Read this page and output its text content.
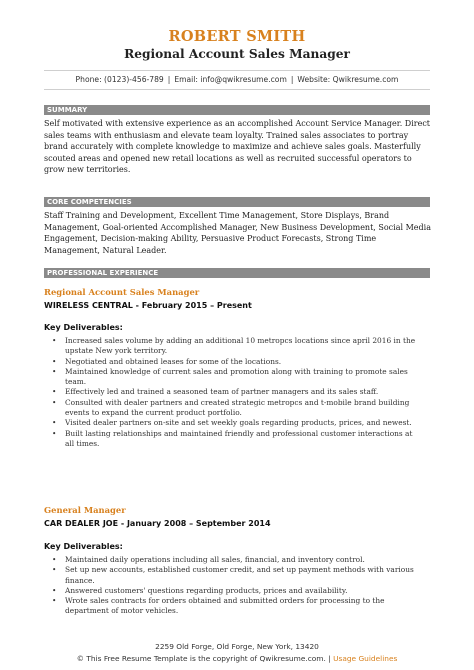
ROBERT SMITH
Regional Account Sales Manager
Phone: (0123)-456-789 | Email: info@qwikresume.com | Website: Qwikresume.com
SUMMARY
Self motivated with extensive experience as an accomplished Account Service Manager. Direct sales teams with enthusiasm and elevate team loyalty. Trained sales associates to portray brand accurately with complete knowledge to maximize and achieve sales goals. Masterfully scouted areas and opened new retail locations as well as recruited successful operators to grow new territories.
CORE COMPETENCIES
Staff Training and Development, Excellent Time Management, Store Displays, Brand Management, Goal-oriented Accomplished Manager, New Business Development, Social Media Engagement, Decision-making Ability, Persuasive Product Forecasts, Strong Time Management, Natural Leader.
PROFESSIONAL EXPERIENCE
Regional Account Sales Manager
WIRELESS CENTRAL - February 2015 – Present
Key Deliverables:
• Increased sales volume by adding an additional 10 metropcs locations since april 2016 in the upstate New york territory.
• Negotiated and obtained leases for some of the locations.
• Maintained knowledge of current sales and promotion along with training to promote sales team.
• Effectively led and trained a seasoned team of partner managers and its sales staff.
• Consulted with dealer partners and created strategic metropcs and t-mobile brand building events to expand the current product portfolio.
• Visited dealer partners on-site and set weekly goals regarding products, prices, and newest.
• Built lasting relationships and maintained friendly and professional customer interactions at all times.
General Manager
CAR DEALER JOE - January 2008 – September 2014
Key Deliverables:
• Maintained daily operations including all sales, financial, and inventory control.
• Set up new accounts, established customer credit, and set up payment methods with various finance.
• Answered customers' questions regarding products, prices and availability.
• Wrote sales contracts for orders obtained and submitted orders for processing to the department of motor vehicles.
2259 Old Forge, Old Forge, New York, 13420
© This Free Resume Template is the copyright of Qwikresume.com. | Usage Guidelines
